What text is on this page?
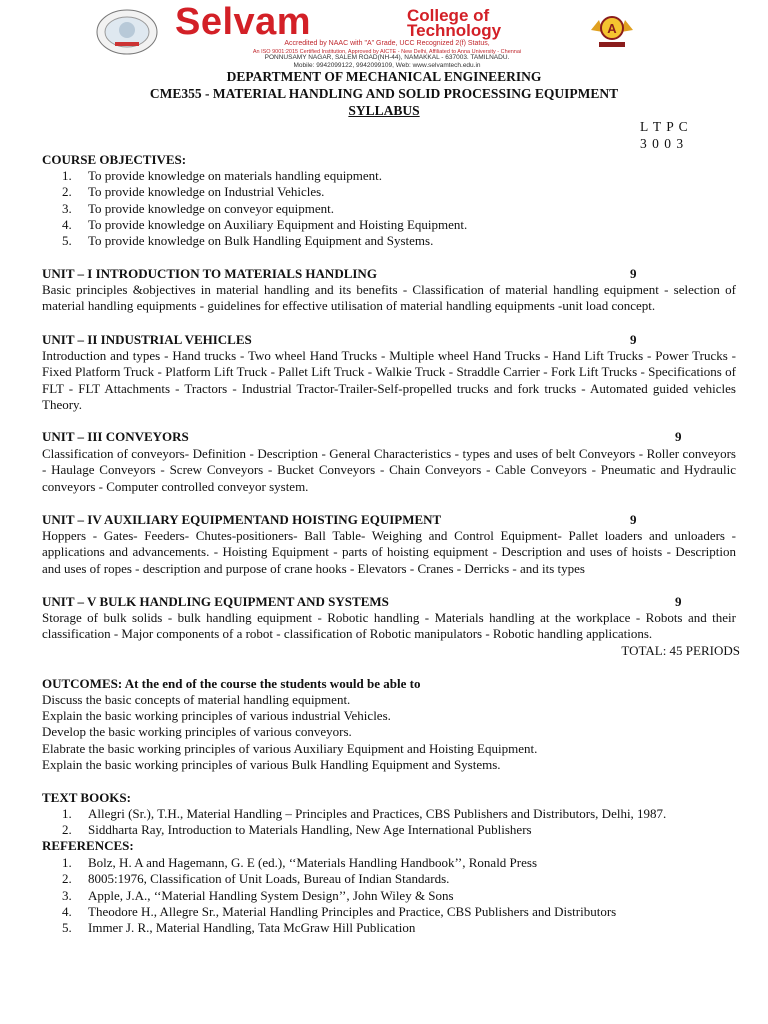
Selvam	College of
Technology
Accredited by NAAC with "A" Grade, UCC Recognized 2(f) Status,
An ISO 9001:2015 Certified Institution, Approved by AICTE - New Delhi, Affiliated to Anna University - Chennai
PONNUSAMY NAGAR, SALEM ROAD(NH-44), NAMAKKAL - 637003. TAMILNADU.
Mobile: 9942099122, 9942099109, Web: www.selvamtech.edu.in
A
DEPARTMENT OF MECHANICAL ENGINEERING
CME355 - MATERIAL HANDLING AND SOLID PROCESSING EQUIPMENT
SYLLABUS
L T P C
3 0 0 3
COURSE OBJECTIVES:
1. To provide knowledge on materials handling equipment.
2. To provide knowledge on Industrial Vehicles.
3. To provide knowledge on conveyor equipment.
4. To provide knowledge on Auxiliary Equipment and Hoisting Equipment.
5. To provide knowledge on Bulk Handling Equipment and Systems.
UNIT – I INTRODUCTION TO MATERIALS HANDLING	9
Basic principles &objectives in material handling and its benefits - Classification of material handling equipment - selection of material handling equipments - guidelines for effective utilisation of material handling equipments -unit load concept.
UNIT – II INDUSTRIAL VEHICLES	9
Introduction and types - Hand trucks - Two wheel Hand Trucks - Multiple wheel Hand Trucks - Hand Lift Trucks - Power Trucks - Fixed Platform Truck - Platform Lift Truck - Pallet Lift Truck - Walkie Truck - Straddle Carrier - Fork Lift Trucks - Specifications of FLT - FLT Attachments - Tractors - Industrial Tractor-Trailer-Self-propelled trucks and fork trucks - Automated guided vehicles Theory.
UNIT – III CONVEYORS	9
Classification of conveyors- Definition - Description - General Characteristics - types and uses of belt Conveyors - Roller conveyors - Haulage Conveyors - Screw Conveyors - Bucket Conveyors - Chain Conveyors - Cable Conveyors - Pneumatic and Hydraulic conveyors - Computer controlled conveyor system.
UNIT – IV AUXILIARY EQUIPMENTAND HOISTING EQUIPMENT	9
Hoppers - Gates- Feeders- Chutes-positioners- Ball Table- Weighing and Control Equipment- Pallet loaders and unloaders - applications and advancements. - Hoisting Equipment - parts of hoisting equipment - Description and uses of hoists - Description and uses of ropes - description and purpose of crane hooks - Elevators - Cranes - Derricks - and its types
UNIT – V BULK HANDLING EQUIPMENT AND SYSTEMS	9
Storage of bulk solids - bulk handling equipment - Robotic handling - Materials handling at the workplace - Robots and their classification - Major components of a robot - classification of Robotic manipulators - Robotic handling applications.
TOTAL: 45 PERIODS
OUTCOMES: At the end of the course the students would be able to
Discuss the basic concepts of material handling equipment.
Explain the basic working principles of various industrial Vehicles.
Develop the basic working principles of various conveyors.
Elabrate the basic working principles of various Auxiliary Equipment and Hoisting Equipment.
Explain the basic working principles of various Bulk Handling Equipment and Systems.
TEXT BOOKS:
1. Allegri (Sr.), T.H., Material Handling – Principles and Practices, CBS Publishers and Distributors, Delhi, 1987.
2. Siddharta Ray, Introduction to Materials Handling, New Age International Publishers
REFERENCES:
1. Bolz, H. A and Hagemann, G. E (ed.), ‘‘Materials Handling Handbook’’, Ronald Press
2. 8005:1976, Classification of Unit Loads, Bureau of Indian Standards.
3. Apple, J.A., ‘‘Material Handling System Design’’, John Wiley & Sons
4. Theodore H., Allegre Sr., Material Handling Principles and Practice, CBS Publishers and Distributors
5. Immer J. R., Material Handling, Tata McGraw Hill Publication
